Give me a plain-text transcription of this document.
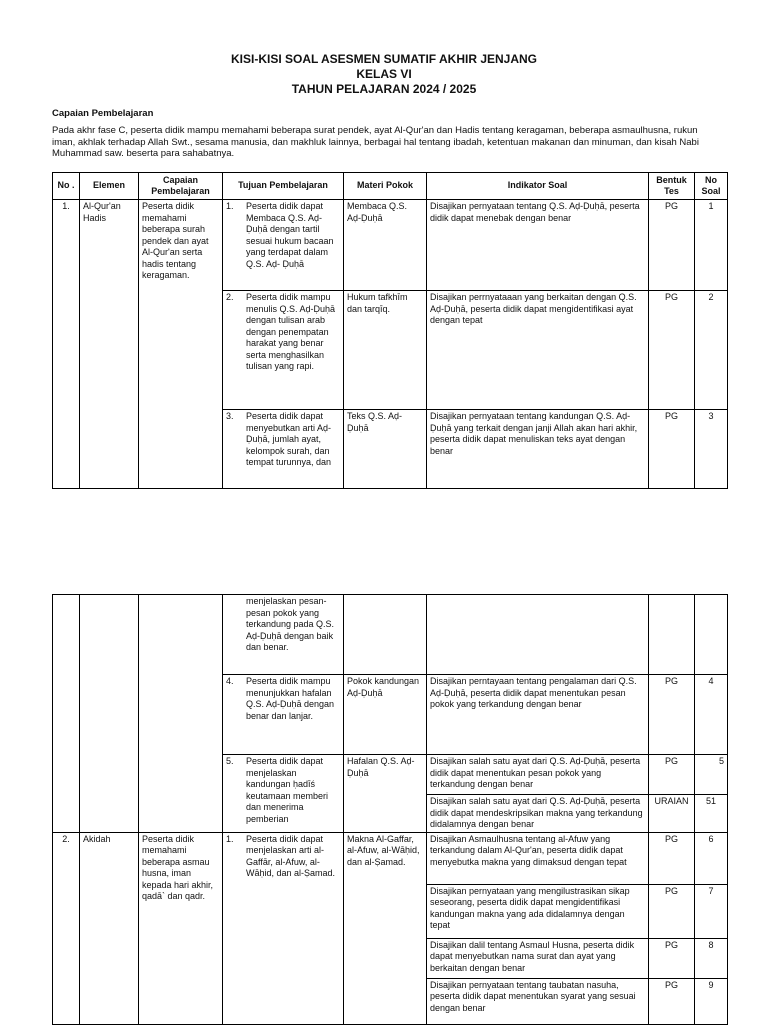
KISI-KISI SOAL ASESMEN SUMATIF AKHIR JENJANG
KELAS VI
TAHUN PELAJARAN 2024 / 2025
Capaian Pembelajaran
Pada akhr fase C, peserta didik mampu memahami beberapa surat pendek, ayat Al-Qur'an dan Hadis tentang keragaman, beberapa asmaulhusna, rukun iman, akhlak terhadap Allah Swt., sesama manusia, dan makhluk lainnya, berbagai hal tentang ibadah, ketentuan makanan dan minuman, dan kisah Nabi Muhammad saw. beserta para sahabatnya.
No .	Elemen	Capaian Pembelajaran	Tujuan Pembelajaran	Materi Pokok	Indikator Soal	Bentuk Tes	No Soal
1.	Al-Qur'an Hadis	Peserta didik memahami beberapa surah pendek dan ayat Al-Qur'an serta hadis tentang keragaman.	1. Peserta didik dapat Membaca Q.S. Aḍ-Ḍuḥā dengan tartil sesuai hukum bacaan yang terdapat dalam Q.S. Aḍ- Ḍuḥā	Membaca Q.S. Aḍ-Ḍuḥā	Disajikan pernyataan tentang Q.S. Aḍ-Ḍuḥā, peserta didik dapat menebak dengan benar	PG	1

			2. Peserta didik mampu menulis Q.S. Aḍ-Ḍuḥā dengan tulisan arab dengan penempatan harakat yang benar serta menghasilkan tulisan yang rapi.	Hukum tafkhīm dan tarqīq.	Disajikan perrnyataaan yang berkaitan dengan Q.S. Aḍ-Ḍuḥā, peserta didik dapat mengidentifikasi ayat dengan tepat	PG	2

			3. Peserta didik dapat menyebutkan arti Aḍ-Ḍuḥā, jumlah ayat, kelompok surah, dan tempat turunnya, dan	Teks Q.S. Aḍ-Ḍuḥā	Disajikan pernyataan tentang kandungan Q.S. Aḍ-Ḍuḥā yang terkait dengan janji Allah akan hari akhir, peserta didik dapat menuliskan teks ayat dengan benar	PG	3

			menjelaskan pesan-pesan pokok yang terkandung pada Q.S. Aḍ-Ḍuḥā dengan baik dan benar.				

			4. Peserta didik mampu menunjukkan hafalan Q.S. Aḍ-Ḍuḥā dengan benar dan lanjar.	Pokok kandungan Aḍ-Ḍuḥā	Disajikan perntayaan tentang pengalaman dari Q.S. Aḍ-Ḍuḥā, peserta didik dapat menentukan pesan pokok yang terkandung dengan benar	PG	4

			5. Peserta didik dapat menjelaskan kandungan ḥadīś keutamaan memberi dan menerima pemberian	Hafalan Q.S. Aḍ-Ḍuḥā	Disajikan salah satu ayat dari Q.S. Aḍ-Ḍuḥā, peserta didik dapat menentukan pesan pokok yang terkandung dengan benar	PG	5
					Disajikan salah satu ayat dari Q.S. Aḍ-Ḍuḥā, peserta didik dapat mendeskripsikan makna yang terkandung didalamnya dengan benar	URAIAN	51
2.	Akidah	Peserta didik memahami beberapa asmau husna, iman kepada hari akhir, qadā` dan qadr.	1. Peserta didik dapat menjelaskan arti al-Gaffār, al-Afuw, al-Wāḥid, dan al-Ṣamad.	Makna Al-Gaffar, al-Afuw, al-Wāḥid, dan al-Ṣamad.	Disajikan Asmaulhusna tentang al-Afuw yang terkandung dalam Al-Qur'an, peserta didik dapat menyebutka makna yang dimaksud dengan tepat	PG	6
					Disajikan pernyataan yang mengilustrasikan sikap seseorang, peserta didik dapat mengidentifikasi kandungan makna yang ada didalamnya dengan tepat	PG	7
					Disajikan dalil tentang Asmaul Husna, peserta didik dapat menyebutkan nama surat dan ayat yang berkaitan dengan benar	PG	8
					Disajikan pernyataan tentang taubatan nasuha, peserta didik dapat menentukan syarat yang sesuai dengan benar	PG	9
